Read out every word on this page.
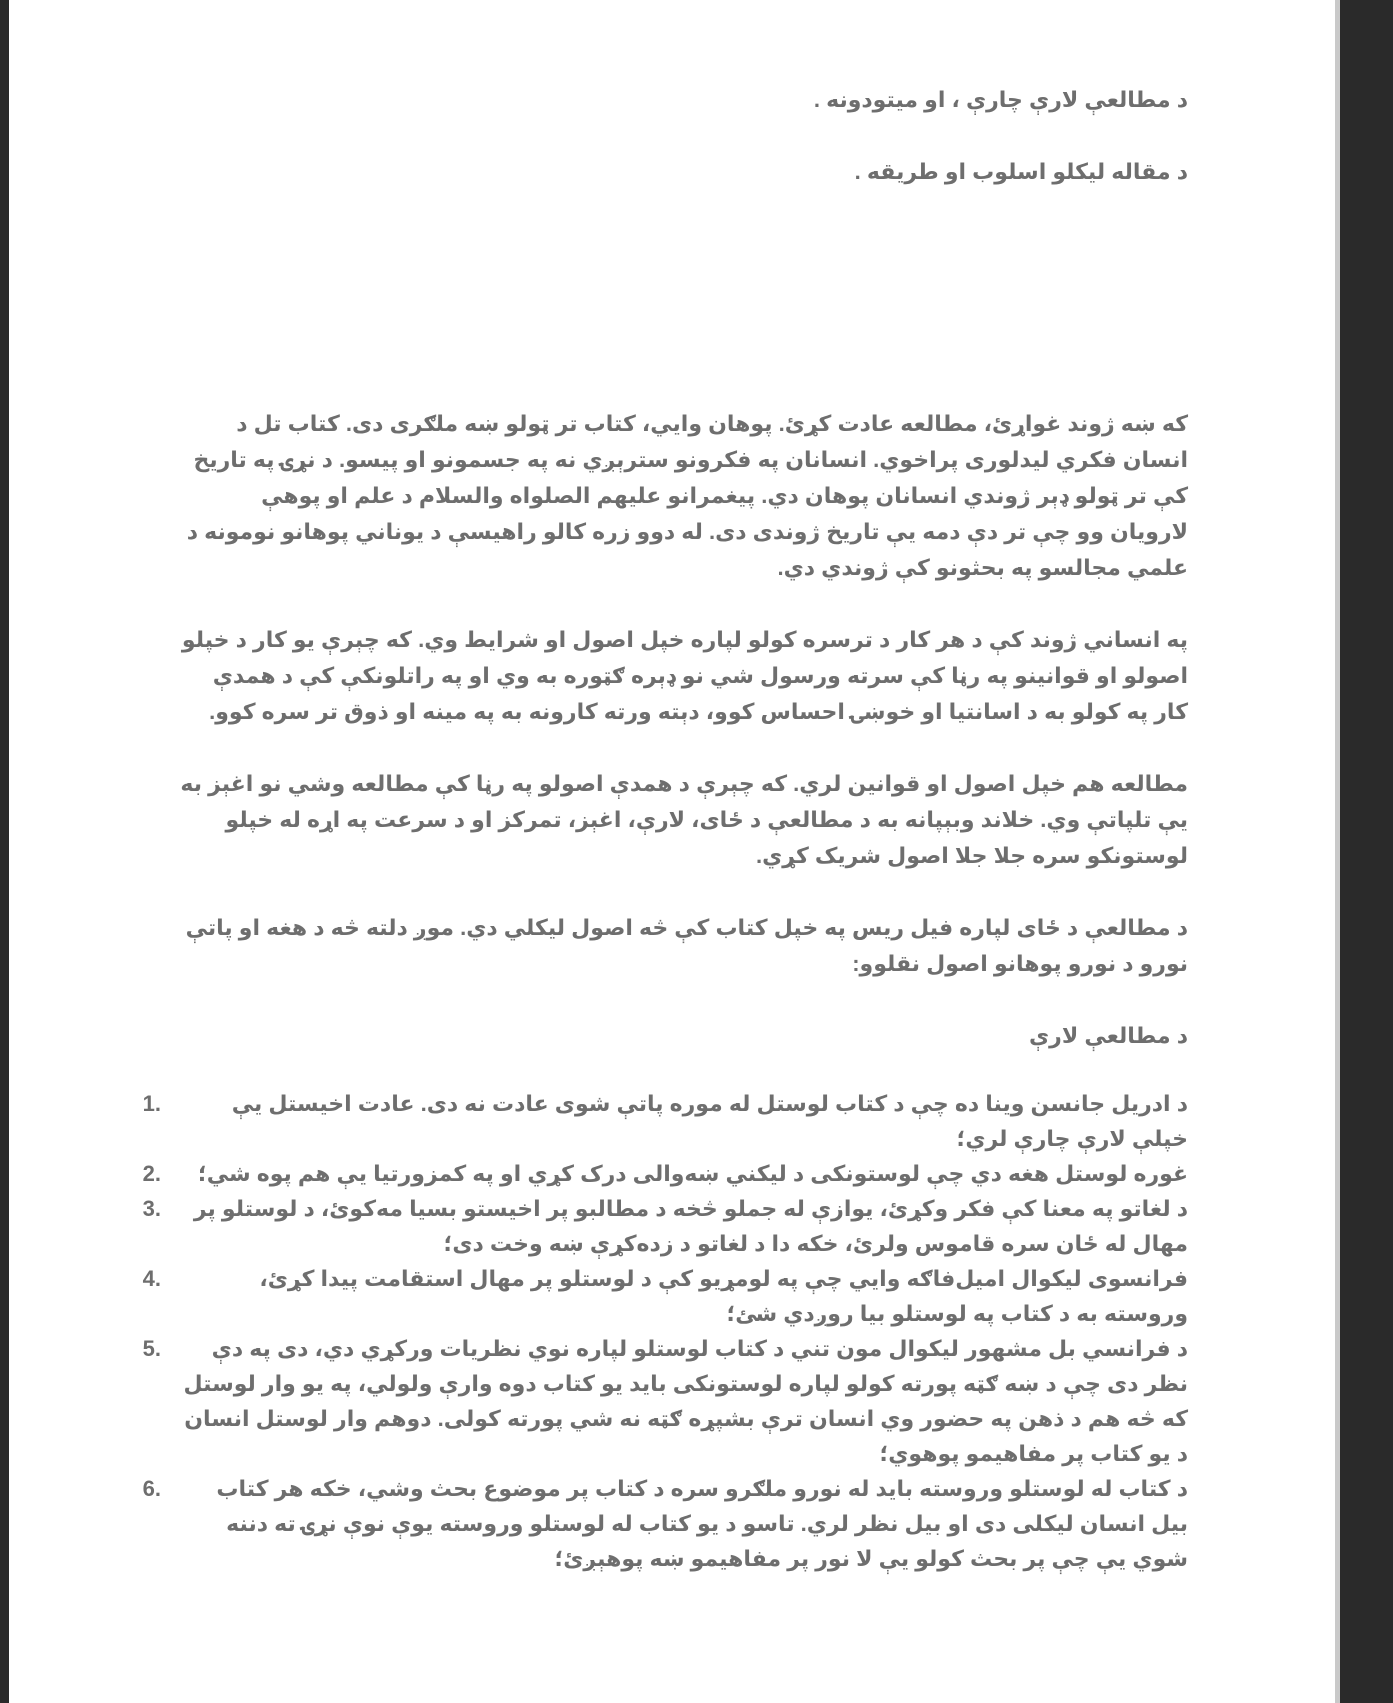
د مطالعې لارې چارې ، او میتودونه .

د مقاله لیکلو اسلوب او طریقه .

که ښه ژوند غواړئ، مطالعه عادت کړئ. پوهان وايي، کتاب تر ټولو ښه ملګری دی. کتاب تل د انسان فکري لیدلوری پراخوي. انسانان په فکرونو سترېږي نه په جسمونو او پیسو. د نړۍ په تاریخ کې تر ټولو ډېر ژوندي انسانان پوهان دي. پیغمرانو علیهم الصلواه والسلام د علم او پوهې لارویان وو چې تر دې دمه یې تاریخ ژوندی دی. له دوو زره کالو راهیسې د یوناني پوهانو نومونه د علمي مجالسو په بحثونو کې ژوندي دي.

په انساني ژوند کې د هر کار د ترسره کولو لپاره خپل اصول او شرایط وي. که چېرې یو کار د خپلو اصولو او قوانینو په رڼا کې سرته ورسول شي نو ډېره ګټوره به وي او په راتلونکې کې د همدې کار په کولو به د اسانتیا او خوښۍ احساس کوو، دېته ورته کارونه به په مینه او ذوق تر سره کوو.

مطالعه هم خپل اصول او قوانین لري. که چېرې د همدې اصولو په رڼا کې مطالعه وشي نو اغېز به یې تلپاتې وي. خلاند وبېپانه به د مطالعې د ځای، لارې، اغېز، تمرکز او د سرعت په اړه له خپلو لوستونکو سره جلا جلا اصول شریک کړي.

د مطالعې د ځای لپاره فیل ریس په خپل کتاب کې څه اصول لیکلي دي. موږ دلته څه د هغه او پاتې نورو د نورو پوهانو اصول نقلوو:

د مطالعې لارې

1.	د ادریل جانسن وینا ده چې د کتاب لوستل له موره پاتې شوی عادت نه دی. عادت اخیستل یې خپلې لارې چارې لري؛
2. غوره لوستل هغه دي چې لوستونکی د لیکني ښه‌والی درک کړي او په کمزورتیا یې هم پوه شي؛
3. د لغاتو په معنا کې فکر وکړئ، یوازې له جملو څخه د مطالبو پر اخیستو بسیا مه‌کوئ، د لوستلو پر مهال له ځان سره قاموس ولرئ، خکه دا د لغاتو د زده‌کړې ښه وخت دی؛
4.	فرانسوی لیکوال امیل‌فاګه وایي چې په لومړیو کې د لوستلو پر مهال استقامت پیدا کړئ، وروسته به د کتاب په لوستلو بیا روږدي شئ؛
5. د فرانسي بل مشهور لیکوال مون تني د کتاب لوستلو لپاره نوي نظریات ورکړي دي، دی په دې نظر دی چې د ښه ګټه پورته کولو لپاره لوستونکی باید یو کتاب دوه وارې ولولي، په یو وار لوستل که څه هم د ذهن په حضور وي انسان ترې بشپړه ګټه نه شي پورته کولی. دوهم وار لوستل انسان د یو کتاب پر مفاهیمو پوهوي؛
6.	د کتاب له لوستلو وروسته باید له نورو ملګرو سره د کتاب پر موضوع بحث وشي، خکه هر کتاب بیل انسان لیکلی دی او بیل نظر لري. تاسو د یو کتاب له لوستلو وروسته یوې نوې نړۍ ته دننه شوي یې چې پر بحث کولو یې لا نور پر مفاهیمو ښه پوهېږئ؛
